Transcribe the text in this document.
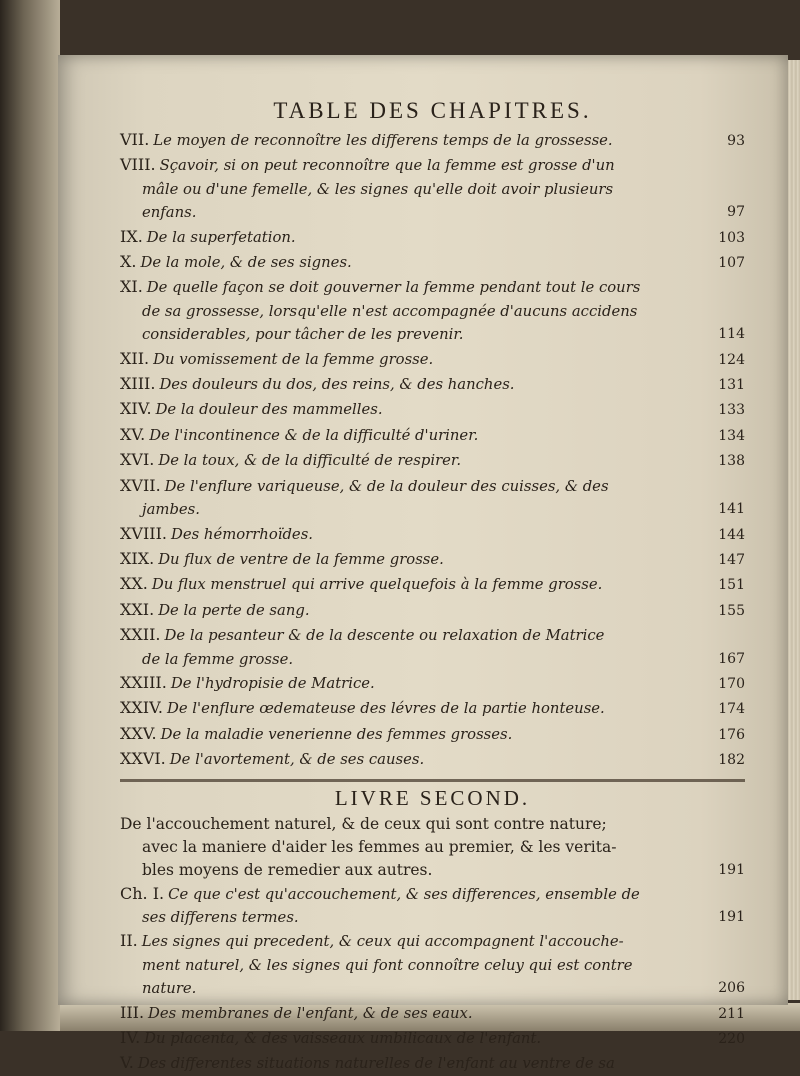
TABLE DES CHAPITRES.
VII. Le moyen de reconnoître les differens temps de la grossesse.	93
VIII. Sçavoir, si on peut reconnoître que la femme est grosse d'un
mâle ou d'une femelle, & les signes qu'elle doit avoir plusieurs
enfans.	97
IX. De la superfetation.	103
X. De la mole, & de ses signes.	107
XI. De quelle façon se doit gouverner la femme pendant tout le cours
de sa grossesse, lorsqu'elle n'est accompagnée d'aucuns accidens
considerables, pour tâcher de les prevenir.	114
XII. Du vomissement de la femme grosse.	124
XIII. Des douleurs du dos, des reins, & des hanches.	131
XIV. De la douleur des mammelles.	133
XV. De l'incontinence & de la difficulté d'uriner.	134
XVI. De la toux, & de la difficulté de respirer.	138
XVII. De l'enflure variqueuse, & de la douleur des cuisses, & des
jambes.	141
XVIII. Des hémorrhoïdes.	144
XIX. Du flux de ventre de la femme grosse.	147
XX. Du flux menstruel qui arrive quelquefois à la femme grosse.	151
XXI. De la perte de sang.	155
XXII. De la pesanteur & de la descente ou relaxation de Matrice
de la femme grosse.	167
XXIII. De l'hydropisie de Matrice.	170
XXIV. De l'enflure œdemateuse des lévres de la partie honteuse.	174
XXV. De la maladie venerienne des femmes grosses.	176
XXVI. De l'avortement, & de ses causes.	182
LIVRE SECOND.
De l'accouchement naturel, & de ceux qui sont contre nature;
avec la maniere d'aider les femmes au premier, & les verita-
bles moyens de remedier aux autres.	191
Ch. I. Ce que c'est qu'accouchement, & ses differences, ensemble de
ses differens termes.	191
II. Les signes qui precedent, & ceux qui accompagnent l'accouche-
ment naturel, & les signes qui font connoître celuy qui est contre
nature.	206
III. Des membranes de l'enfant, & de ses eaux.	211
IV. Du placenta, & des vaisseaux umbilicaux de l'enfant.	220
V. Des differentes situations naturelles de l'enfant au ventre de sa
